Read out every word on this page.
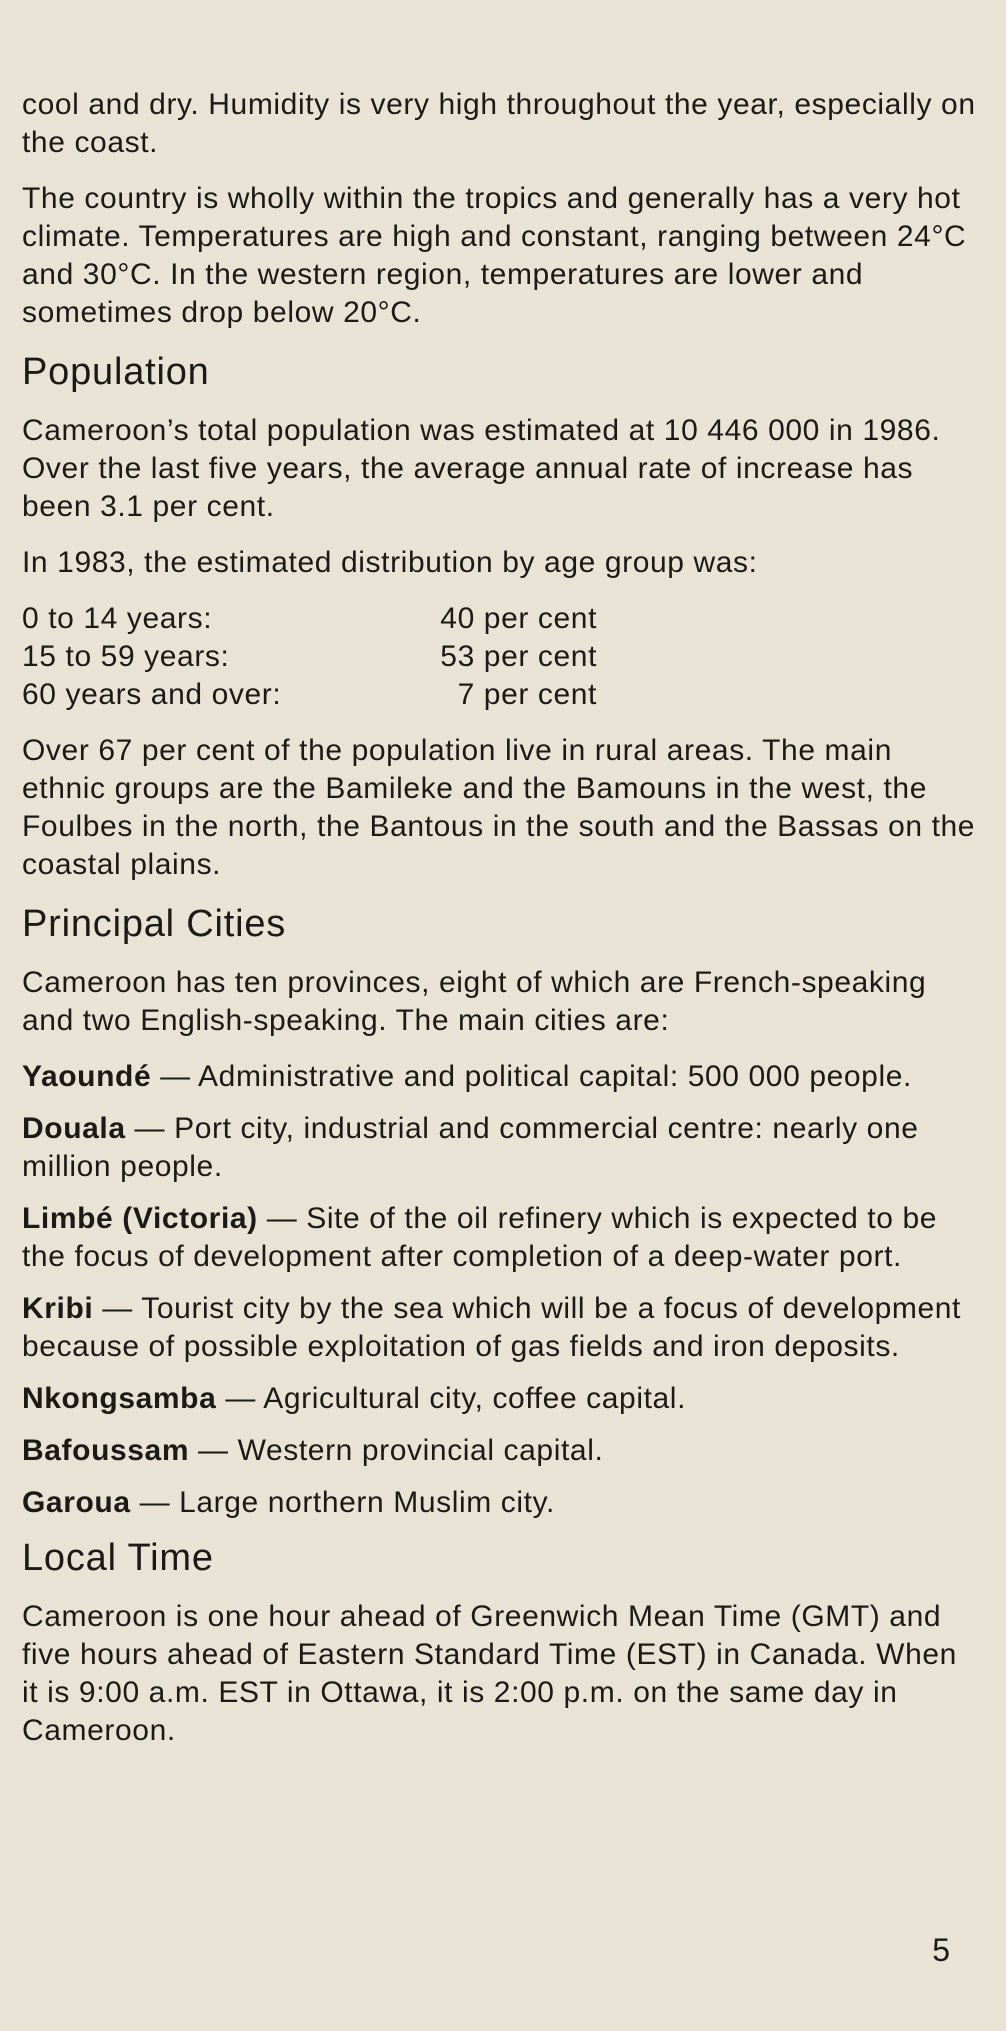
cool and dry. Humidity is very high throughout the year, especially on the coast.

The country is wholly within the tropics and generally has a very hot climate. Temperatures are high and constant, ranging between 24°C and 30°C. In the western region, temperatures are lower and sometimes drop below 20°C.

Population

Cameroon’s total population was estimated at 10 446 000 in 1986. Over the last five years, the average annual rate of increase has been 3.1 per cent.

In 1983, the estimated distribution by age group was:

0 to 14 years:	40 per cent
15 to 59 years:	53 per cent
60 years and over:	7 per cent

Over 67 per cent of the population live in rural areas. The main ethnic groups are the Bamileke and the Bamouns in the west, the Foulbes in the north, the Bantous in the south and the Bassas on the coastal plains.

Principal Cities

Cameroon has ten provinces, eight of which are French-speaking and two English-speaking. The main cities are:

Yaoundé — Administrative and political capital: 500 000 people.

Douala — Port city, industrial and commercial centre: nearly one million people.

Limbé (Victoria) — Site of the oil refinery which is expected to be the focus of development after completion of a deep-water port.

Kribi — Tourist city by the sea which will be a focus of development because of possible exploitation of gas fields and iron deposits.

Nkongsamba — Agricultural city, coffee capital.

Bafoussam — Western provincial capital.

Garoua — Large northern Muslim city.

Local Time

Cameroon is one hour ahead of Greenwich Mean Time (GMT) and five hours ahead of Eastern Standard Time (EST) in Canada. When it is 9:00 a.m. EST in Ottawa, it is 2:00 p.m. on the same day in Cameroon.

5
